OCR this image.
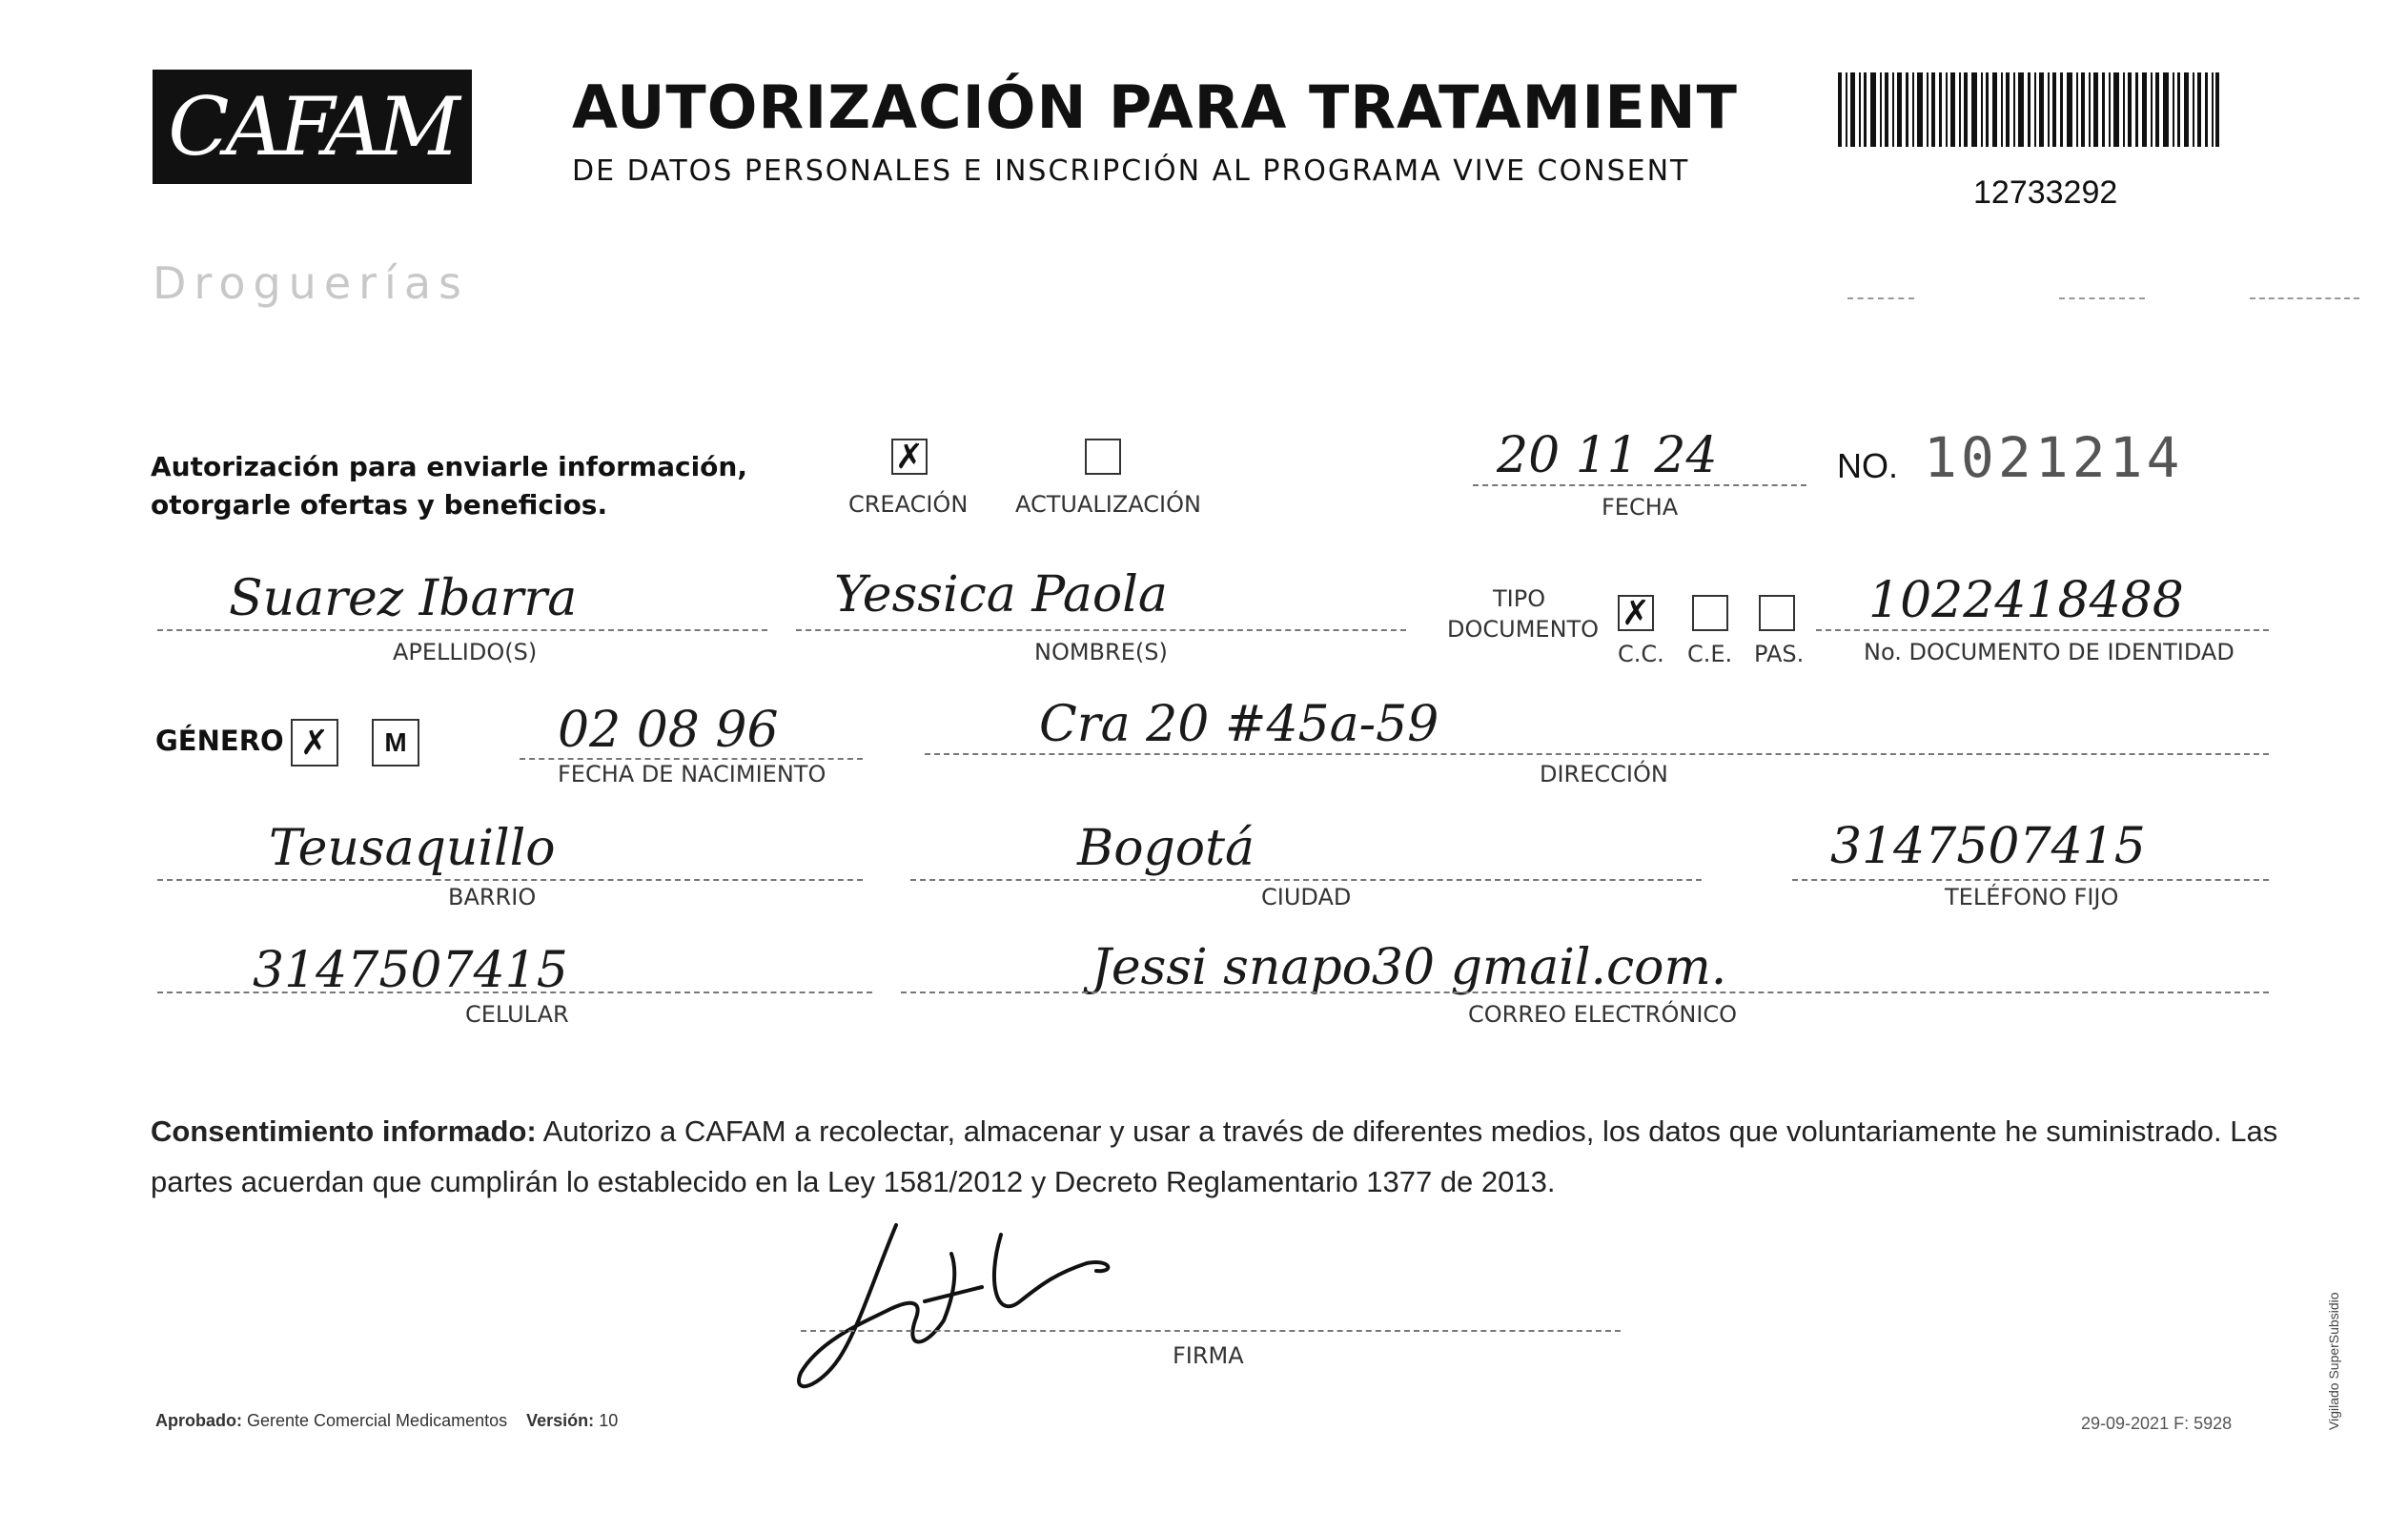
CAFAM
Droguerías
AUTORIZACIÓN PARA TRATAMIENT
DE DATOS PERSONALES E INSCRIPCIÓN AL PROGRAMA VIVE CONSENT
12733292
Autorización para enviarle información,
otorgarle ofertas y beneficios.
✗
CREACIÓN ACTUALIZACIÓN
20 11 24
FECHA
NO. 1021214
Suarez Ibarra
APELLIDO(S)
Yessica Paola
NOMBRE(S)
TIPO
DOCUMENTO ✗
C.C. C.E. PAS.
1022418488
No. DOCUMENTO DE IDENTIDAD
GÉNERO ✗	M	02 08 96
FECHA DE NACIMIENTO
Cra 20 #45a-59
DIRECCIÓN
Teusaquillo
BARRIO
Bogotá
CIUDAD
3147507415
TELÉFONO FIJO
3147507415
CELULAR
Jessi snapo30 gmail.com.
CORREO ELECTRÓNICO
Consentimiento informado: Autorizo a CAFAM a recolectar, almacenar y usar a través de diferentes medios, los datos que voluntariamente he suministrado. Las partes acuerdan que cumplirán lo establecido en la Ley 1581/2012 y Decreto Reglamentario 1377 de 2013.
FIRMA
Aprobado: Gerente Comercial Medicamentos Versión: 10	29-09-2021 F: 5928	Vigilado SuperSubsidio
